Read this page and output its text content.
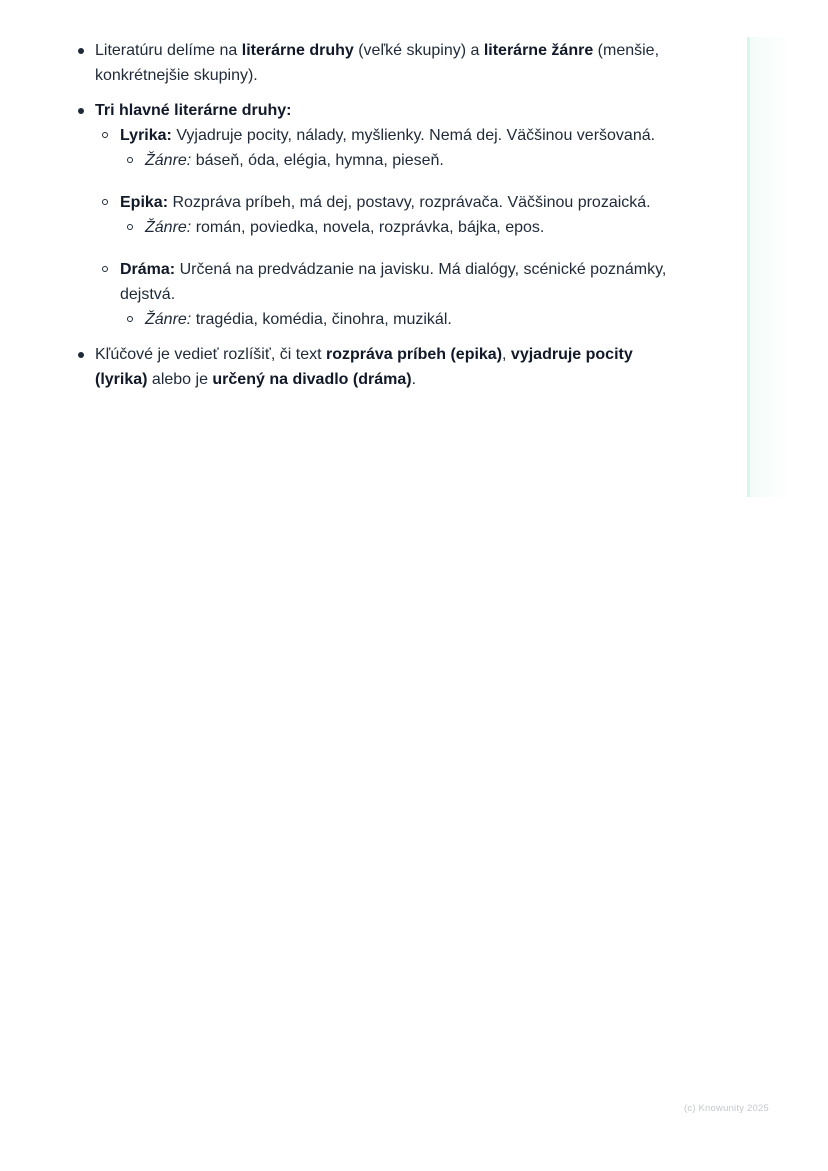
Literatúru delíme na literárne druhy (veľké skupiny) a literárne žánre (menšie, konkrétnejšie skupiny).
Tri hlavné literárne druhy:
Lyrika: Vyjadruje pocity, nálady, myšlienky. Nemá dej. Väčšinou veršovaná.
Žánre: báseň, óda, elégia, hymna, pieseň.
Epika: Rozpráva príbeh, má dej, postavy, rozprávača. Väčšinou prozaická.
Žánre: román, poviedka, novela, rozprávka, bájka, epos.
Dráma: Určená na predvádzanie na javisku. Má dialógy, scénické poznámky, dejstvá.
Žánre: tragédia, komédia, činohra, muzikál.
Kľúčové je vedieť rozlíšiť, či text rozpráva príbeh (epika), vyjadruje pocity (lyrika) alebo je určený na divadlo (dráma).
(c) Knowunity 2025
